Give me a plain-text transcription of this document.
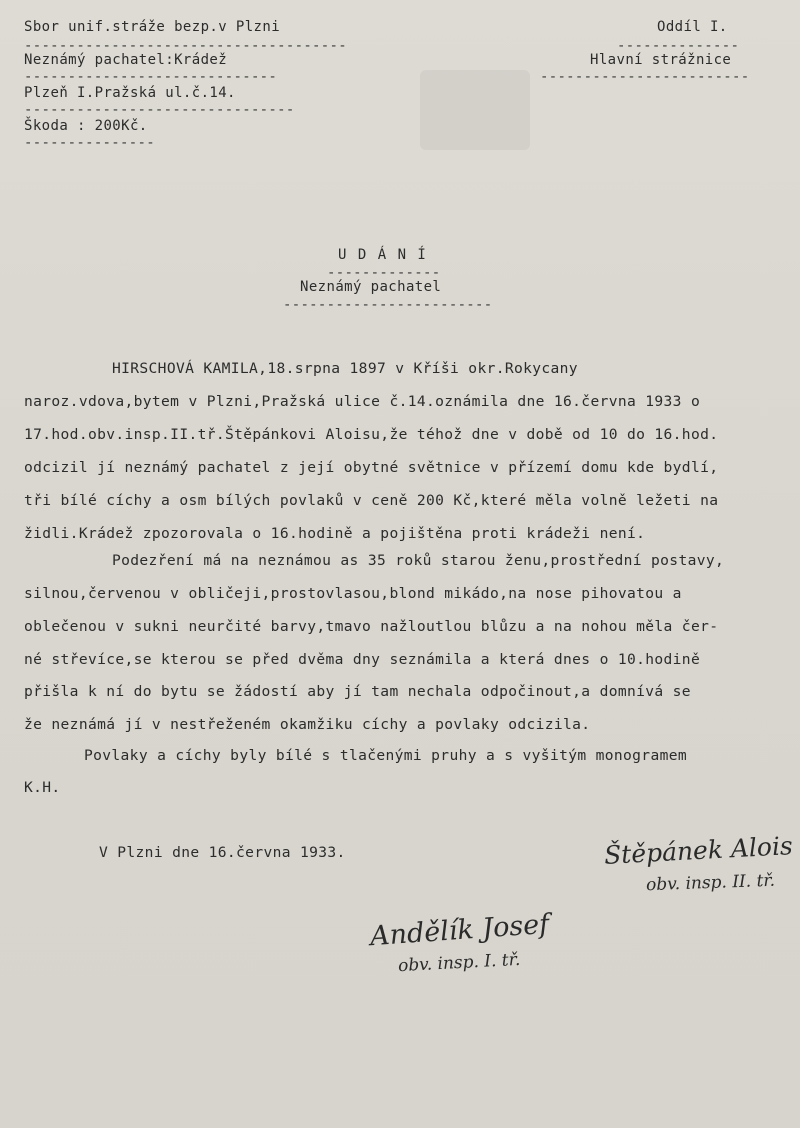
Sbor unif.stráže bezp.v Plzni
-------------------------------------
Neznámý pachatel:Krádež
-----------------------------
Plzeň I.Pražská ul.č.14.
-------------------------------
Škoda : 200Kč.
---------------
Oddíl I.
--------------
Hlavní strážnice
------------------------
U D Á N Í
-------------
Neznámý pachatel
------------------------
HIRSCHOVÁ KAMILA,18.srpna 1897 v Kříši okr.Rokycany
naroz.vdova,bytem v Plzni,Pražská ulice č.14.oznámila dne 16.června 1933 o
17.hod.obv.insp.II.tř.Štěpánkovi Aloisu,že téhož dne v době od 10 do 16.hod.
odcizil jí neznámý pachatel z její obytné světnice v přízemí domu kde bydlí,
tři bílé cíchy a osm bílých povlaků v ceně 200 Kč,které měla volně ležeti na
židli.Krádež zpozorovala o 16.hodině a pojištěna proti krádeži není.
Podezření má na neznámou as 35 roků starou ženu,prostřední postavy,
silnou,červenou v obličeji,prostovlasou,blond mikádo,na nose pihovatou a
oblečenou v sukni neurčité barvy,tmavo nažloutlou blůzu a na nohou měla čer-
né střevíce,se kterou se před dvěma dny seznámila a která dnes o 10.hodině
přišla k ní do bytu se žádostí aby jí tam nechala odpočinout,a domnívá se
že neznámá jí v nestřeženém okamžiku cíchy a povlaky odcizila.
Povlaky a cíchy byly bílé s tlačenými pruhy a s vyšitým monogramem
K.H.
V Plzni dne 16.června 1933.	Štěpánek Alois
obv. insp. II. tř.
Andělík Josef
obv. insp. I. tř.
